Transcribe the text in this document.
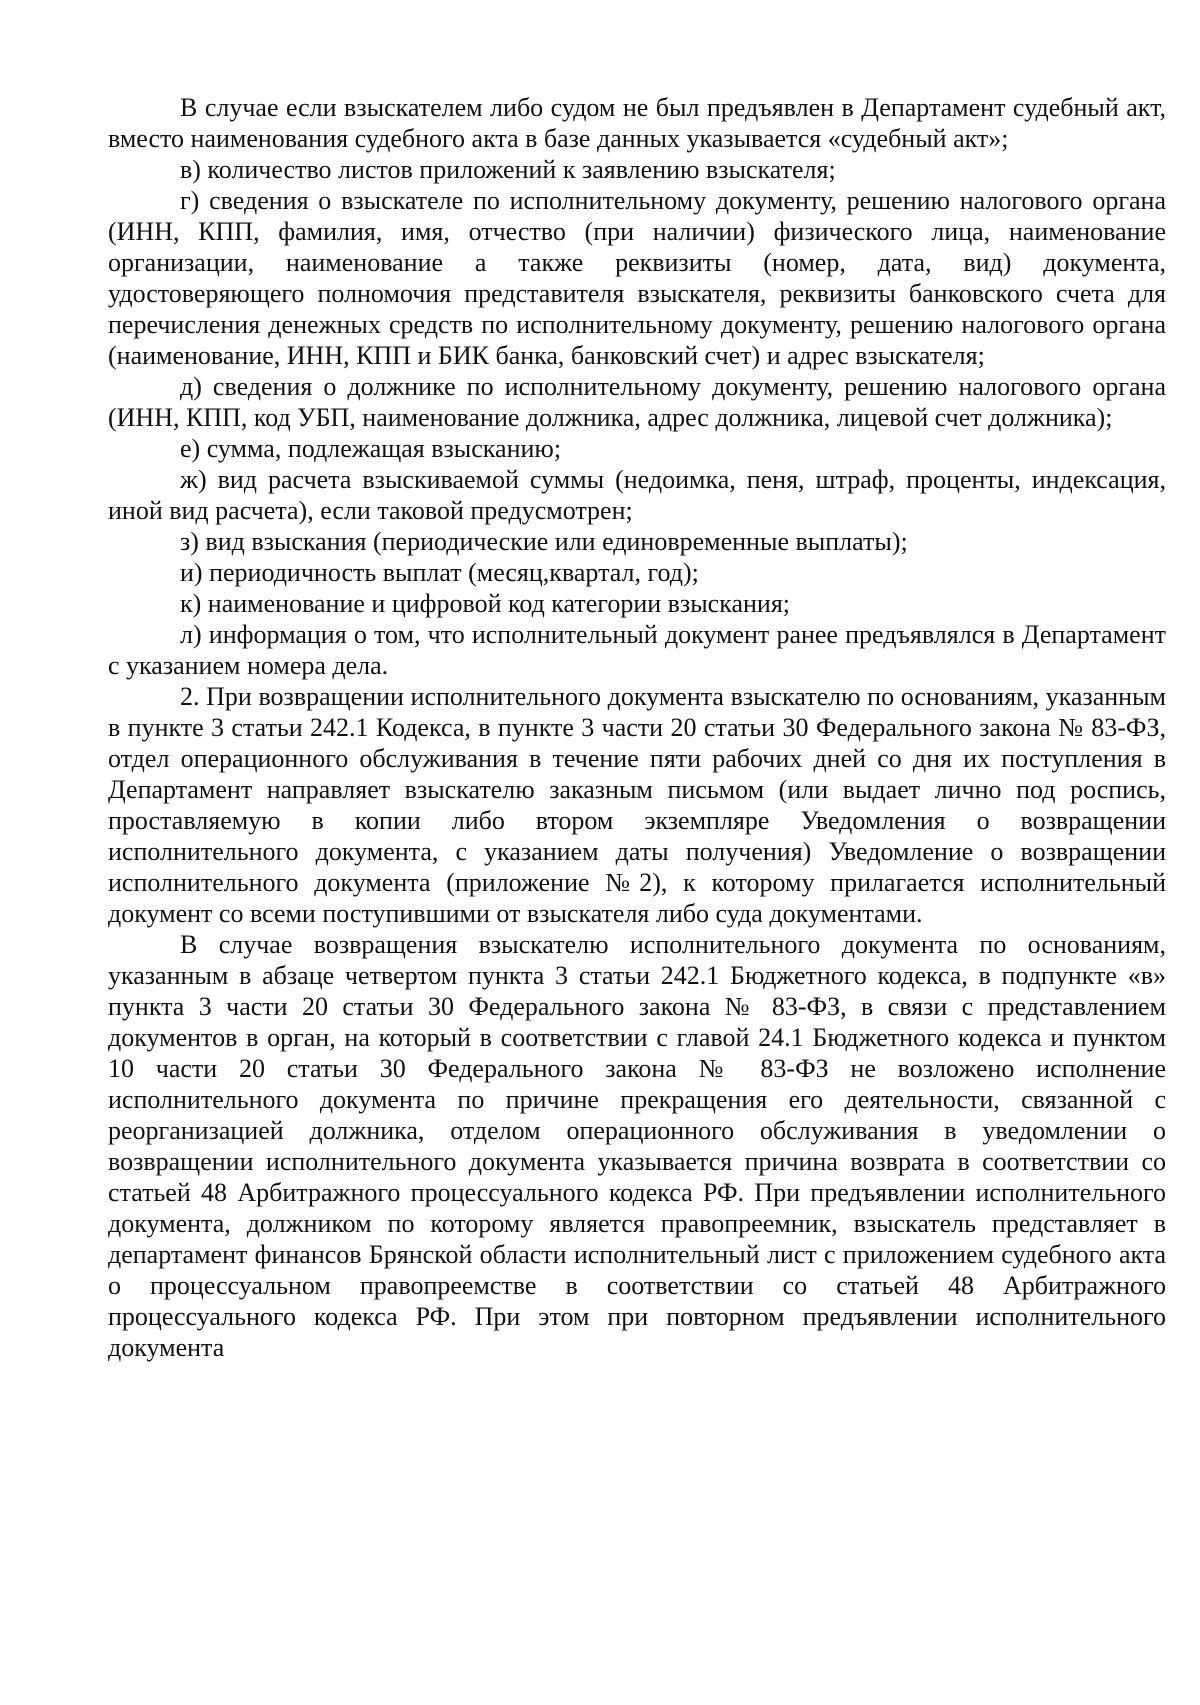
В случае если взыскателем либо судом не был предъявлен в Департамент судебный акт, вместо наименования судебного акта в базе данных указывается «судебный акт»;

в) количество листов приложений к заявлению взыскателя;

г) сведения о взыскателе по исполнительному документу, решению налогового органа (ИНН, КПП, фамилия, имя, отчество (при наличии) физического лица, наименование организации, наименование а также реквизиты (номер, дата, вид) документа, удостоверяющего полномочия представителя взыскателя, реквизиты банковского счета для перечисления денежных средств по исполнительному документу, решению налогового органа (наименование, ИНН, КПП и БИК банка, банковский счет) и адрес взыскателя;

д) сведения о должнике по исполнительному документу, решению налогового органа (ИНН, КПП, код УБП, наименование должника, адрес должника, лицевой счет должника);

е) сумма, подлежащая взысканию;

ж) вид расчета взыскиваемой суммы (недоимка, пеня, штраф, проценты, индексация, иной вид расчета), если таковой предусмотрен;

з) вид взыскания (периодические или единовременные выплаты);

и) периодичность выплат (месяц,квартал, год);

к) наименование и цифровой код категории взыскания;

л) информация о том, что исполнительный документ ранее предъявлялся в Департамент с указанием номера дела.

2. При возвращении исполнительного документа взыскателю по основаниям, указанным в пункте 3 статьи 242.1 Кодекса, в пункте 3 части 20 статьи 30 Федерального закона № 83-ФЗ, отдел операционного обслуживания в течение пяти рабочих дней со дня их поступления в Департамент направляет взыскателю заказным письмом (или выдает лично под роспись, проставляемую в копии либо втором экземпляре Уведомления о возвращении исполнительного документа, с указанием даты получения) Уведомление о возвращении исполнительного документа (приложение №2), к которому прилагается исполнительный документ со всеми поступившими от взыскателя либо суда документами.

В случае возвращения взыскателю исполнительного документа по основаниям, указанным в абзаце четвертом пункта 3 статьи 242.1 Бюджетного кодекса, в подпункте «в» пункта 3 части 20 статьи 30 Федерального закона № 83-ФЗ, в связи с представлением документов в орган, на который в соответствии с главой 24.1 Бюджетного кодекса и пунктом 10 части 20 статьи 30 Федерального закона № 83-ФЗ не возложено исполнение исполнительного документа по причине прекращения его деятельности, связанной с реорганизацией должника, отделом операционного обслуживания в уведомлении о возвращении исполнительного документа указывается причина возврата в соответствии со статьей 48 Арбитражного процессуального кодекса РФ. При предъявлении исполнительного документа, должником по которому является правопреемник, взыскатель представляет в департамент финансов Брянской области исполнительный лист с приложением судебного акта о процессуальном правопреемстве в соответствии со статьей 48 Арбитражного процессуального кодекса РФ. При этом при повторном предъявлении исполнительного документа
